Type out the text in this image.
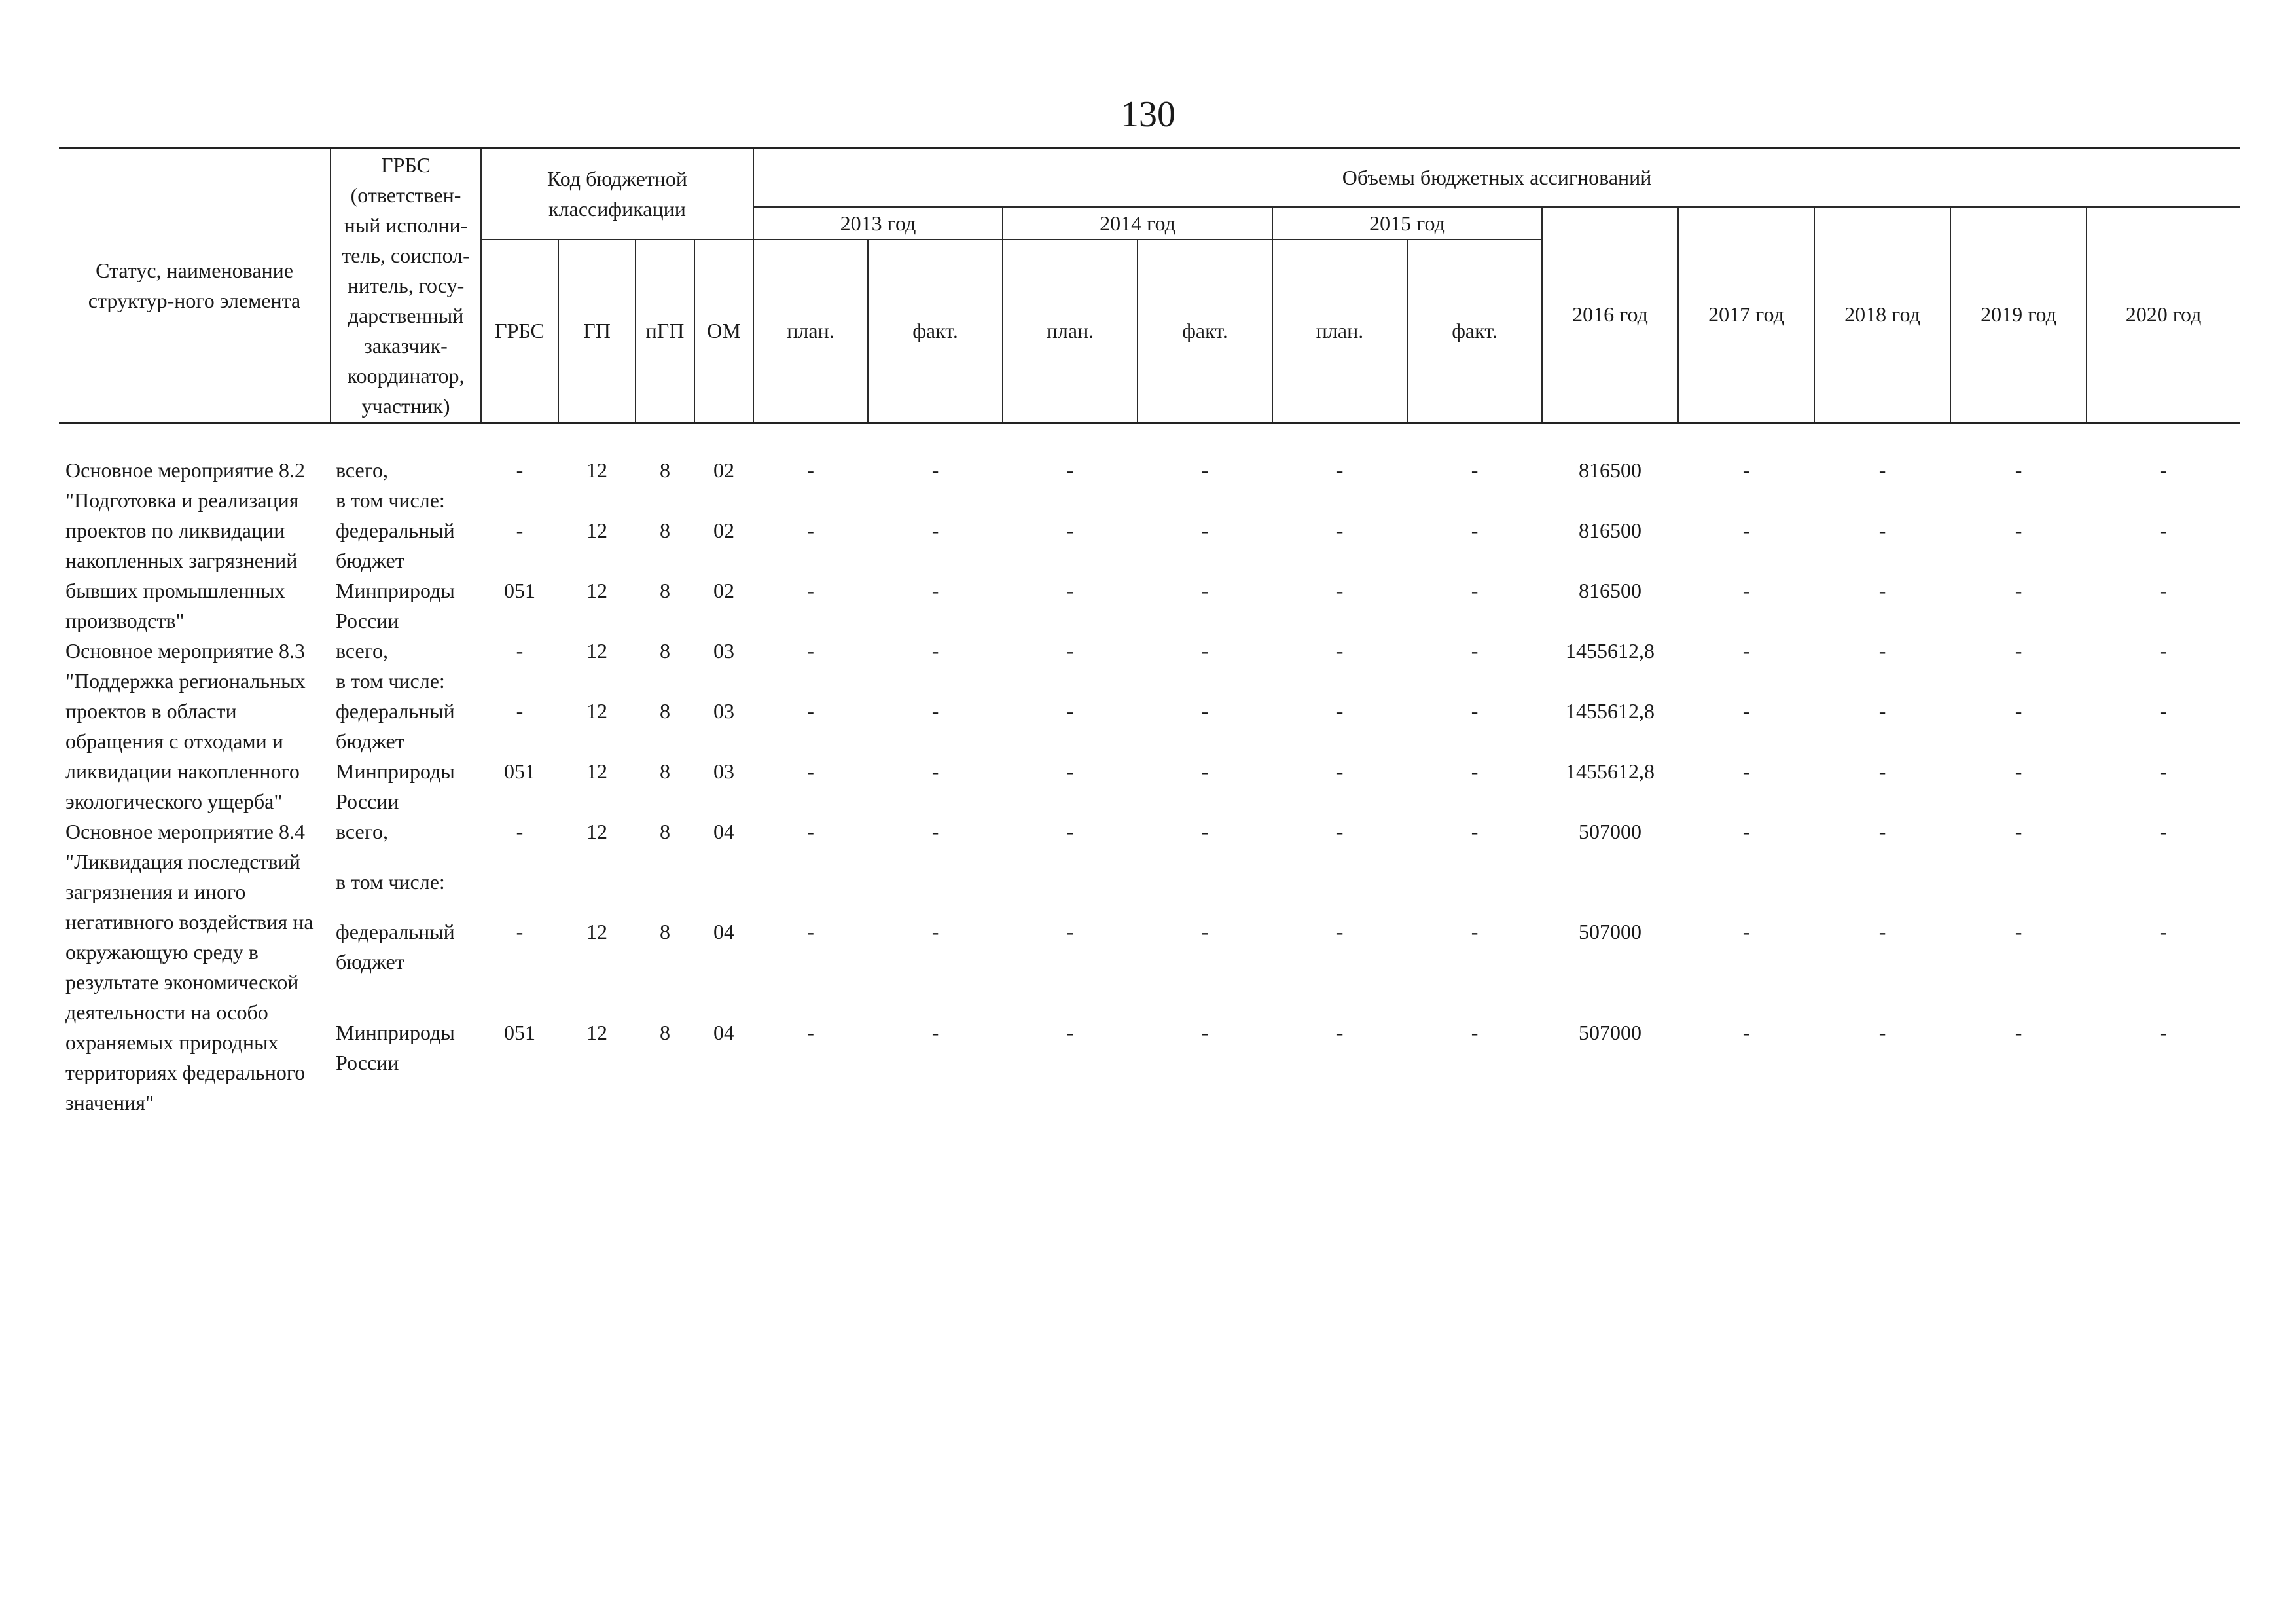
130
Статус, наименование структур-ного элемента	ГРБС (ответствен-ный исполни-тель, соиспол-нитель, госу-дарственный заказчик-координатор, участник)	Код бюджетной классификации				Объемы бюджетных ассигнований										
						2013 год		2014 год		2015 год		2016 год	2017 год	2018 год	2019 год	2020 год
		ГРБС	ГП	пГП	ОМ	план.	факт.	план.	факт.	план.	факт.					

Основное мероприятие 8.2 "Подготовка и реализация проектов по ликвидации накопленных загрязнений бывших промышленных производств"	всего,	-	12	8	02	-	-	-	-	-	-	816500	-	-	-	-
	в том числе:															
	федеральный бюджет	-	12	8	02	-	-	-	-	-	-	816500	-	-	-	-
	Минприроды России	051	12	8	02	-	-	-	-	-	-	816500	-	-	-	-
Основное мероприятие 8.3 "Поддержка региональных проектов в области обращения с отходами и ликвидации накопленного экологического ущерба"	всего,	-	12	8	03	-	-	-	-	-	-	1455612,8	-	-	-	-
	в том числе:															
	федеральный бюджет	-	12	8	03	-	-	-	-	-	-	1455612,8	-	-	-	-
	Минприроды России	051	12	8	03	-	-	-	-	-	-	1455612,8	-	-	-	-
Основное мероприятие 8.4 "Ликвидация последствий загрязнения и иного негативного воздействия на окружающую среду в результате экономической деятельности на особо охраняемых природных территориях федерального значения"	всего,	-	12	8	04	-	-	-	-	-	-	507000	-	-	-	-
	в том числе:															
	федеральный бюджет	-	12	8	04	-	-	-	-	-	-	507000	-	-	-	-
	Минприроды России	051	12	8	04	-	-	-	-	-	-	507000	-	-	-	-
